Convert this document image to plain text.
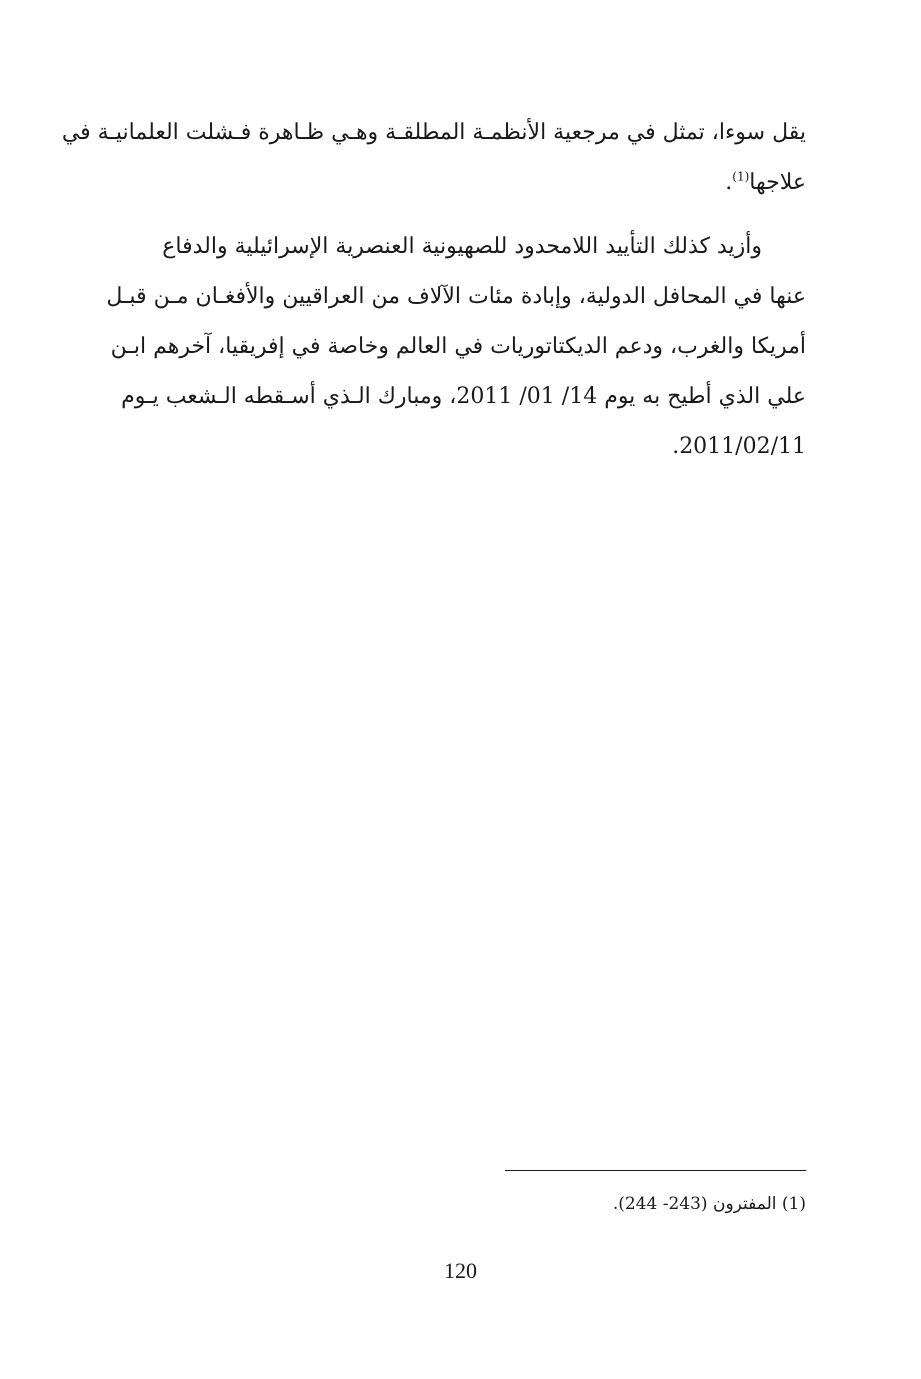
يقل سوءا، تمثل في مرجعية الأنظمـة المطلقـة وهـي ظـاهرة فـشلت العلمانيـة في
علاجها$^{(1)}$.

وأزيد كذلك التأييد اللامحدود للصهيونية العنصرية الإسرائيلية والدفاع
عنها في المحافل الدولية، وإبادة مئات الآلاف من العراقيين والأفغـان مـن قبـل
أمريكا والغرب، ودعم الديكتاتوريات في العالم وخاصة في إفريقيا، آخرهم ابـن
علي الذي أطيح به يوم 14/ 01/ 2011، ومبارك الـذي أسـقطه الـشعب يـوم
2011/02/11.

(1) المفترون (243- 244).
120
